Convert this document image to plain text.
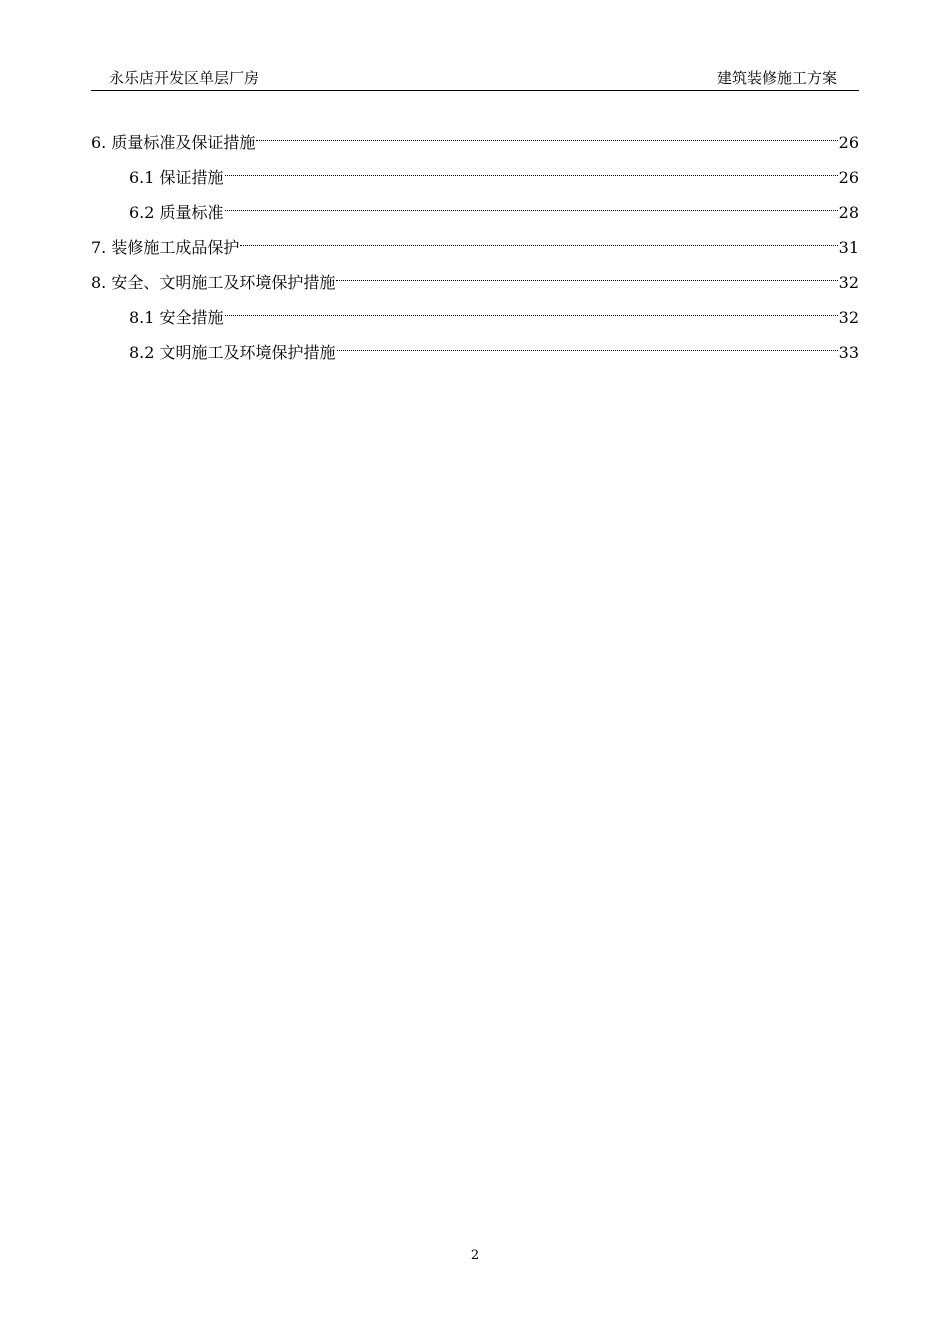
永乐店开发区单层厂房	建筑装修施工方案
6. 质量标准及保证措施	26
6.1 保证措施	26
6.2 质量标准	28
7. 装修施工成品保护	31
8. 安全、文明施工及环境保护措施	32
8.1 安全措施	32
8.2 文明施工及环境保护措施	33
2
